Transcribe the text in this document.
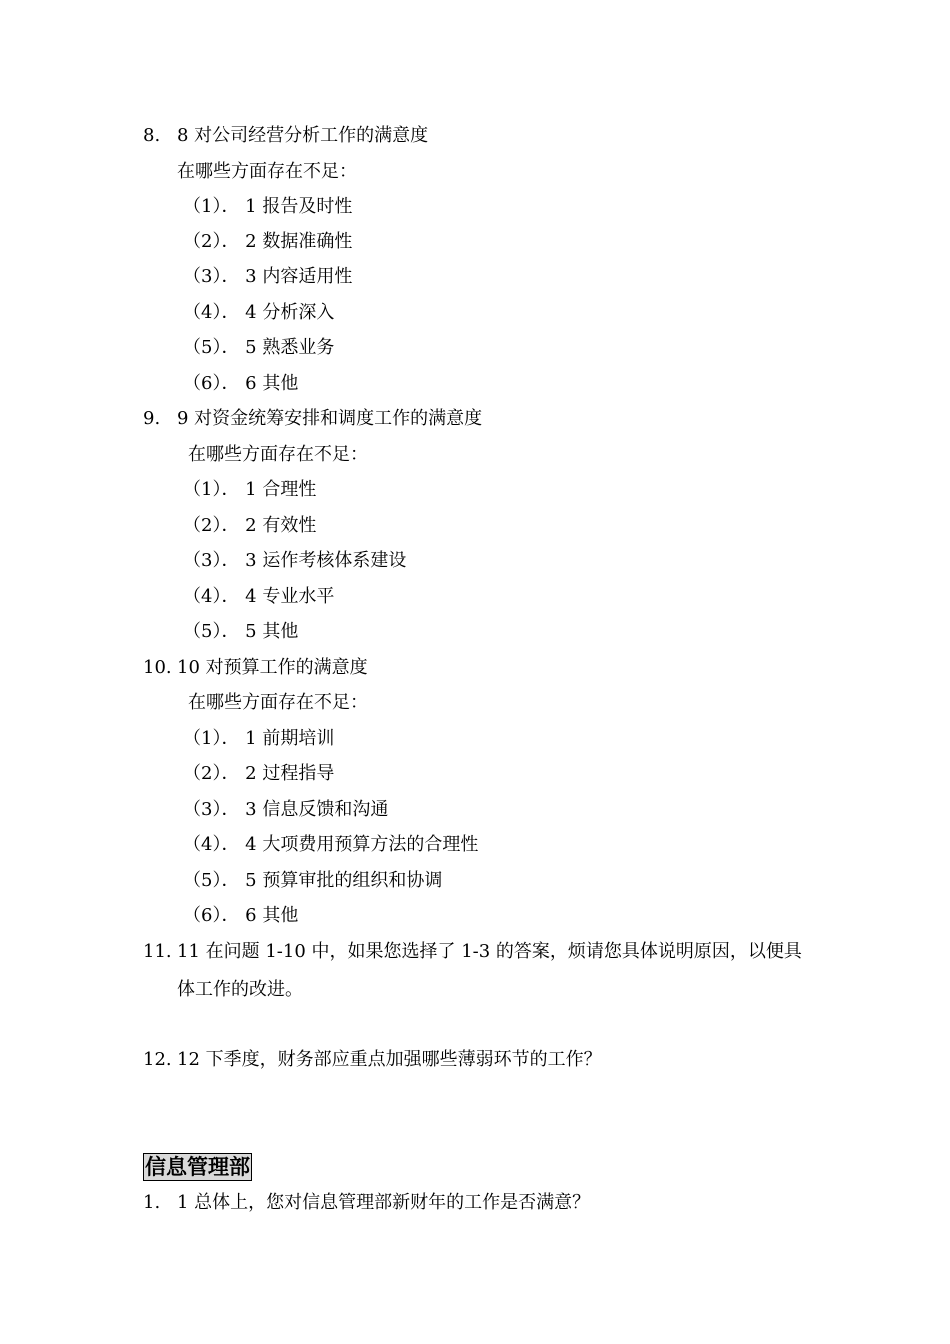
8. 8 对公司经营分析工作的满意度
在哪些方面存在不足：
（1）． 1 报告及时性
（2）． 2 数据准确性
（3）． 3 内容适用性
（4）． 4 分析深入
（5）． 5 熟悉业务
（6）． 6 其他
9. 9 对资金统筹安排和调度工作的满意度
在哪些方面存在不足：
（1）． 1 合理性
（2）． 2 有效性
（3）． 3 运作考核体系建设
（4）． 4 专业水平
（5）． 5 其他
10. 10 对预算工作的满意度
在哪些方面存在不足：
（1）． 1 前期培训
（2）． 2 过程指导
（3）． 3 信息反馈和沟通
（4）． 4 大项费用预算方法的合理性
（5）． 5 预算审批的组织和协调
（6）． 6 其他
11. 11 在问题 1-10 中，如果您选择了 1-3 的答案，烦请您具体说明原因，以便具
体工作的改进。
12. 12 下季度，财务部应重点加强哪些薄弱环节的工作？
信息管理部
1. 1 总体上，您对信息管理部新财年的工作是否满意？
